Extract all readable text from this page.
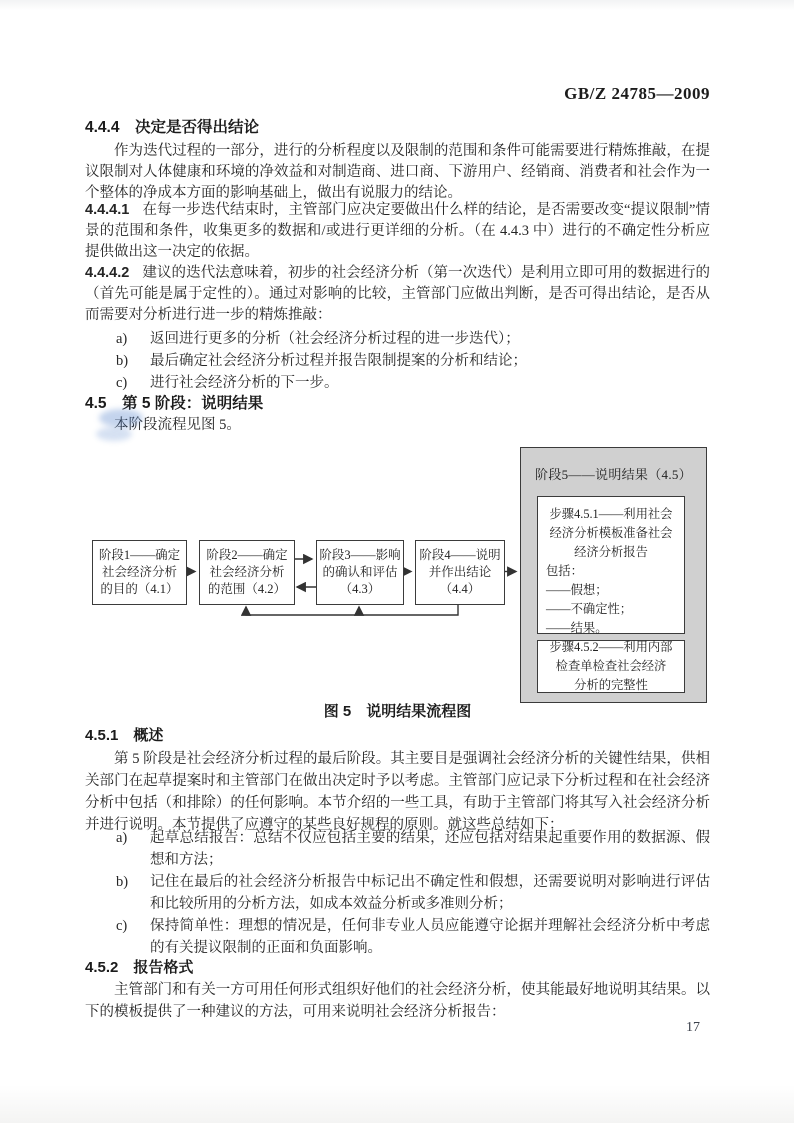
GB/Z 24785—2009
4.4.4　决定是否得出结论
作为迭代过程的一部分，进行的分析程度以及限制的范围和条件可能需要进行精炼推敲，在提议限制对人体健康和环境的净效益和对制造商、进口商、下游用户、经销商、消费者和社会作为一个整体的净成本方面的影响基础上，做出有说服力的结论。
4.4.4.1 在每一步迭代结束时，主管部门应决定要做出什么样的结论，是否需要改变“提议限制”情景的范围和条件，收集更多的数据和/或进行更详细的分析。（在 4.4.3 中）进行的不确定性分析应提供做出这一决定的依据。
4.4.4.2 建议的迭代法意味着，初步的社会经济分析（第一次迭代）是利用立即可用的数据进行的（首先可能是属于定性的）。通过对影响的比较，主管部门应做出判断，是否可得出结论，是否从而需要对分析进行进一步的精炼推敲：
a) 返回进行更多的分析（社会经济分析过程的进一步迭代）；
b) 最后确定社会经济分析过程并报告限制提案的分析和结论；
c) 进行社会经济分析的下一步。
4.5　第 5 阶段：说明结果
本阶段流程见图 5。
阶段1——确定
社会经济分析
的目的（4.1）
阶段2——确定
社会经济分析
的范围（4.2）
阶段3——影响
的确认和评估
（4.3）
阶段4——说明
并作出结论
（4.4）
阶段5——说明结果（4.5）
步骤4.5.1——利用社会
经济分析模板准备社会
经济分析报告
包括：
——假想；
——不确定性；
——结果。
步骤4.5.2——利用内部
检查单检查社会经济
分析的完整性
图 5　说明结果流程图
4.5.1　概述
第 5 阶段是社会经济分析过程的最后阶段。其主要目是强调社会经济分析的关键性结果，供相关部门在起草提案时和主管部门在做出决定时予以考虑。主管部门应记录下分析过程和在社会经济分析中包括（和排除）的任何影响。本节介绍的一些工具，有助于主管部门将其写入社会经济分析并进行说明。本节提供了应遵守的某些良好规程的原则。就这些总结如下：
a) 起草总结报告：总结不仅应包括主要的结果，还应包括对结果起重要作用的数据源、假想和方法；
b) 记住在最后的社会经济分析报告中标记出不确定性和假想，还需要说明对影响进行评估和比较所用的分析方法，如成本效益分析或多准则分析；
c) 保持简单性：理想的情况是，任何非专业人员应能遵守论据并理解社会经济分析中考虑的有关提议限制的正面和负面影响。
4.5.2　报告格式
主管部门和有关一方可用任何形式组织好他们的社会经济分析，使其能最好地说明其结果。以下的模板提供了一种建议的方法，可用来说明社会经济分析报告：
17
